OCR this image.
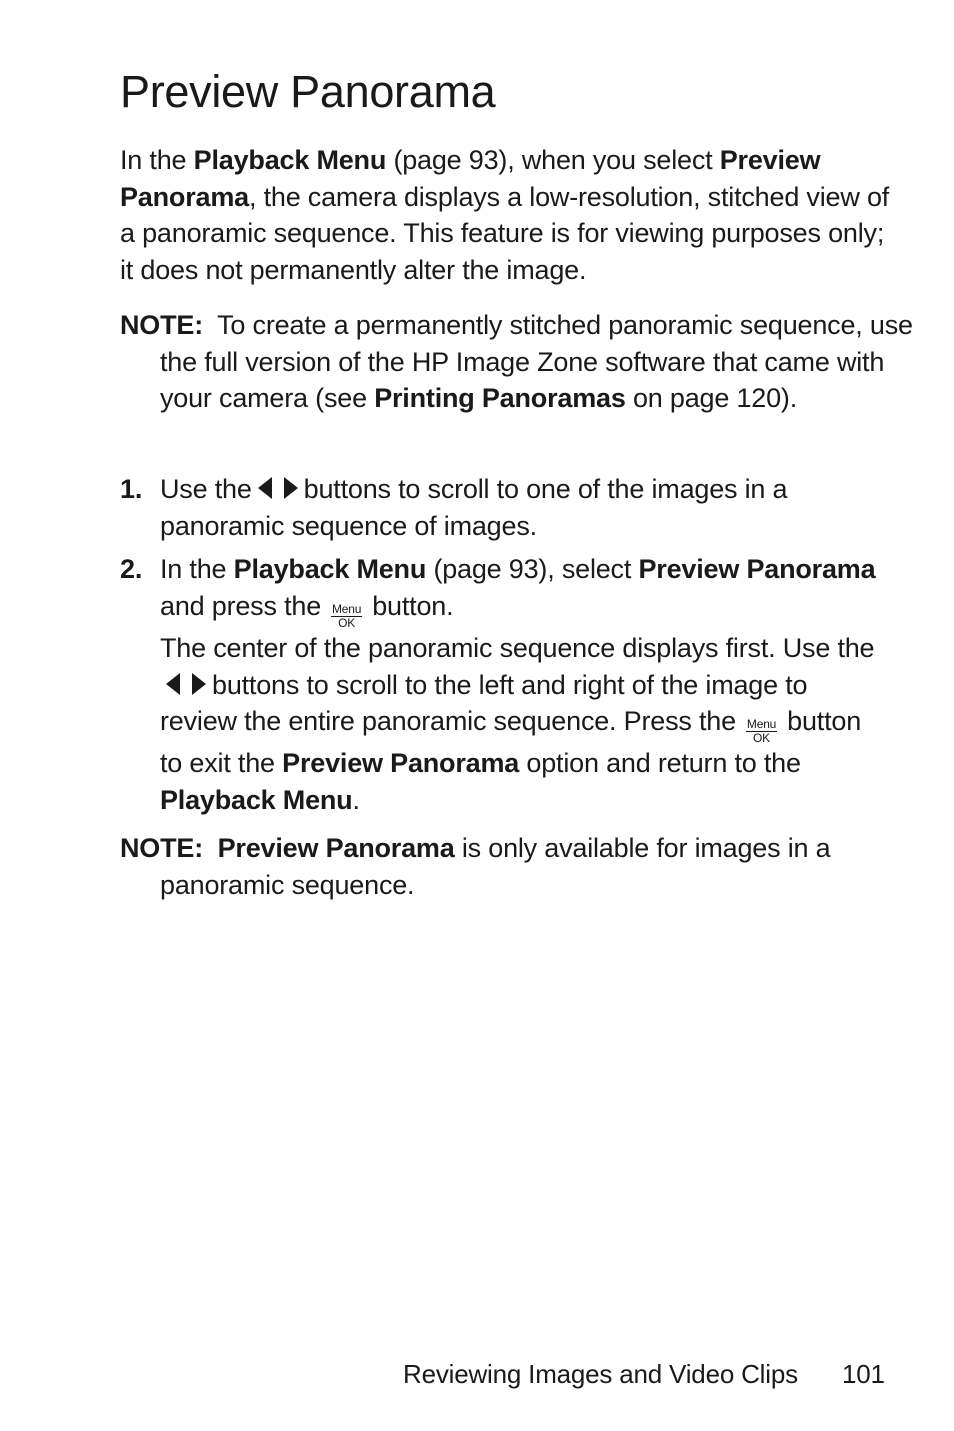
Preview Panorama

In the Playback Menu (page 93), when you select Preview Panorama, the camera displays a low-resolution, stitched view of a panoramic sequence. This feature is for viewing purposes only; it does not permanently alter the image.

NOTE:  To create a permanently stitched panoramic sequence, use the full version of the HP Image Zone software that came with your camera (see Printing Panoramas on page 120).

1. Use the buttons to scroll to one of the images in a panoramic sequence of images.
2. In the Playback Menu (page 93), select Preview Panorama and press the Menu
OK
button.
The center of the panoramic sequence displays first. Use thebuttons to scroll to the left and right of the image to review the entire panoramic sequence. Press the Menu
OK
button to exit the Preview Panorama option and return to the Playback Menu.

NOTE: Preview Panorama is only available for images in a panoramic sequence.

Reviewing Images and Video Clips 101
